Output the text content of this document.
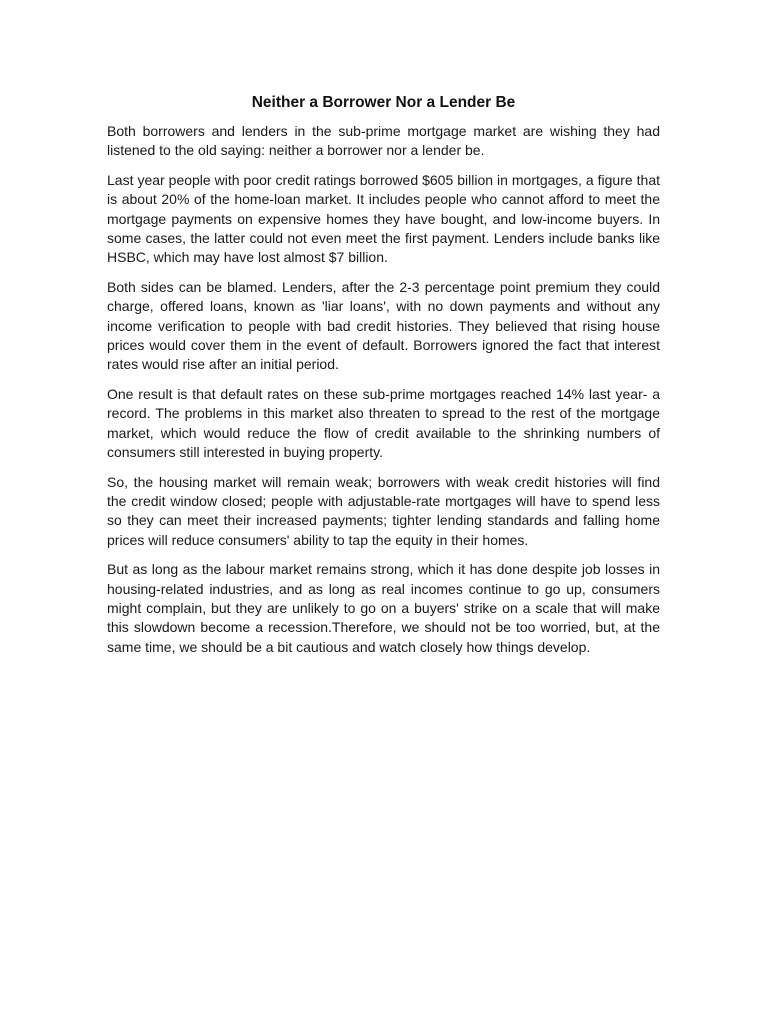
Neither a Borrower Nor a Lender Be

Both borrowers and lenders in the sub-prime mortgage market are wishing they had listened to the old saying: neither a borrower nor a lender be.

Last year people with poor credit ratings borrowed $605 billion in mortgages, a figure that is about 20% of the home-loan market. It includes people who cannot afford to meet the mortgage payments on expensive homes they have bought, and low-income buyers. In some cases, the latter could not even meet the first payment. Lenders include banks like HSBC, which may have lost almost $7 billion.

Both sides can be blamed. Lenders, after the 2-3 percentage point premium they could charge, offered loans, known as 'liar loans', with no down payments and without any income verification to people with bad credit histories. They believed that rising house prices would cover them in the event of default. Borrowers ignored the fact that interest rates would rise after an initial period.

One result is that default rates on these sub-prime mortgages reached 14% last year- a record. The problems in this market also threaten to spread to the rest of the mortgage market, which would reduce the flow of credit available to the shrinking numbers of consumers still interested in buying property.

So, the housing market will remain weak; borrowers with weak credit histories will find the credit window closed; people with adjustable-rate mortgages will have to spend less so they can meet their increased payments; tighter lending standards and falling home prices will reduce consumers' ability to tap the equity in their homes.

But as long as the labour market remains strong, which it has done despite job losses in housing-related industries, and as long as real incomes continue to go up, consumers might complain, but they are unlikely to go on a buyers' strike on a scale that will make this slowdown become a recession.Therefore, we should not be too worried, but, at the same time, we should be a bit cautious and watch closely how things develop.
